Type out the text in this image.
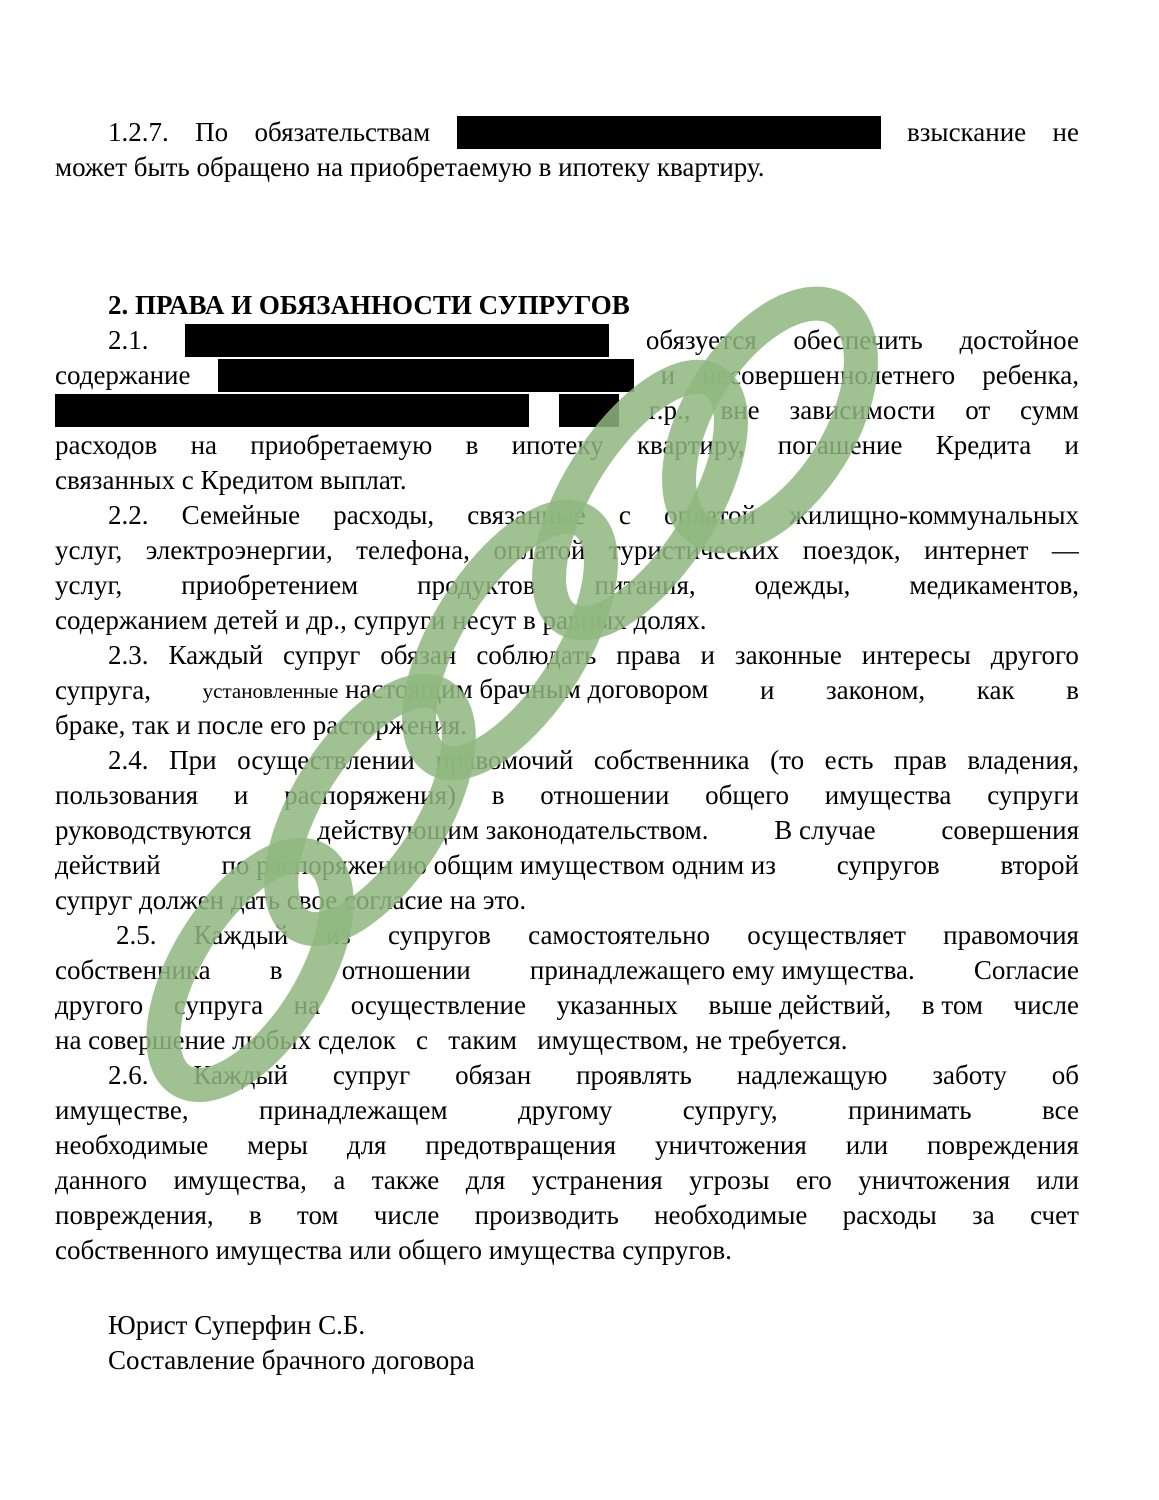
1.2.7. По обязательствам	взыскание не
может быть обращено на приобретаемую в ипотеку квартиру.
2. ПРАВА И ОБЯЗАННОСТИ СУПРУГОВ
2.1.	обязуется обеспечить достойное
содержание	и несовершеннолетнего ребенка,
г.р., вне зависимости от сумм
расходов на приобретаемую в ипотеку квартиру, погашение Кредита и
связанных с Кредитом выплат.
2.2. Семейные расходы, связанные с оплатой жилищно-коммунальных
услуг, электроэнергии, телефона, оплатой туристических поездок, интернет —
услуг, приобретением продуктов питания, одежды, медикаментов,
содержанием детей и др., супруги несут в равных долях.
2.3. Каждый супруг обязан соблюдать права и законные интересы другого
супруга, установленные настоящим брачным договором и законом, как в
браке, так и после его расторжения.
2.4. При осуществлении правомочий собственника (то есть прав владения,
пользования и распоряжения) в отношении общего имущества супруги
руководствуются действующим законодательством. В случае совершения
действий по распоряжению общим имуществом одним из супругов второй
супруг должен дать свое согласие на это.
2.5. Каждый из супругов самостоятельно осуществляет правомочия
собственника в отношении принадлежащего ему имущества. Согласие
другого супруга на осуществление указанных выше действий, в том числе
на совершение любых сделок   с   таким   имуществом, не требуется.
2.6. Каждый супруг обязан проявлять надлежащую заботу об
имуществе,	принадлежащем	другому	супругу,	принимать	все
необходимые меры для предотвращения уничтожения или повреждения
данного имущества, а также для устранения угрозы его уничтожения или
повреждения, в том числе производить необходимые расходы за счет
собственного имущества или общего имущества супругов.
Юрист Суперфин С.Б.
Составление брачного договора
